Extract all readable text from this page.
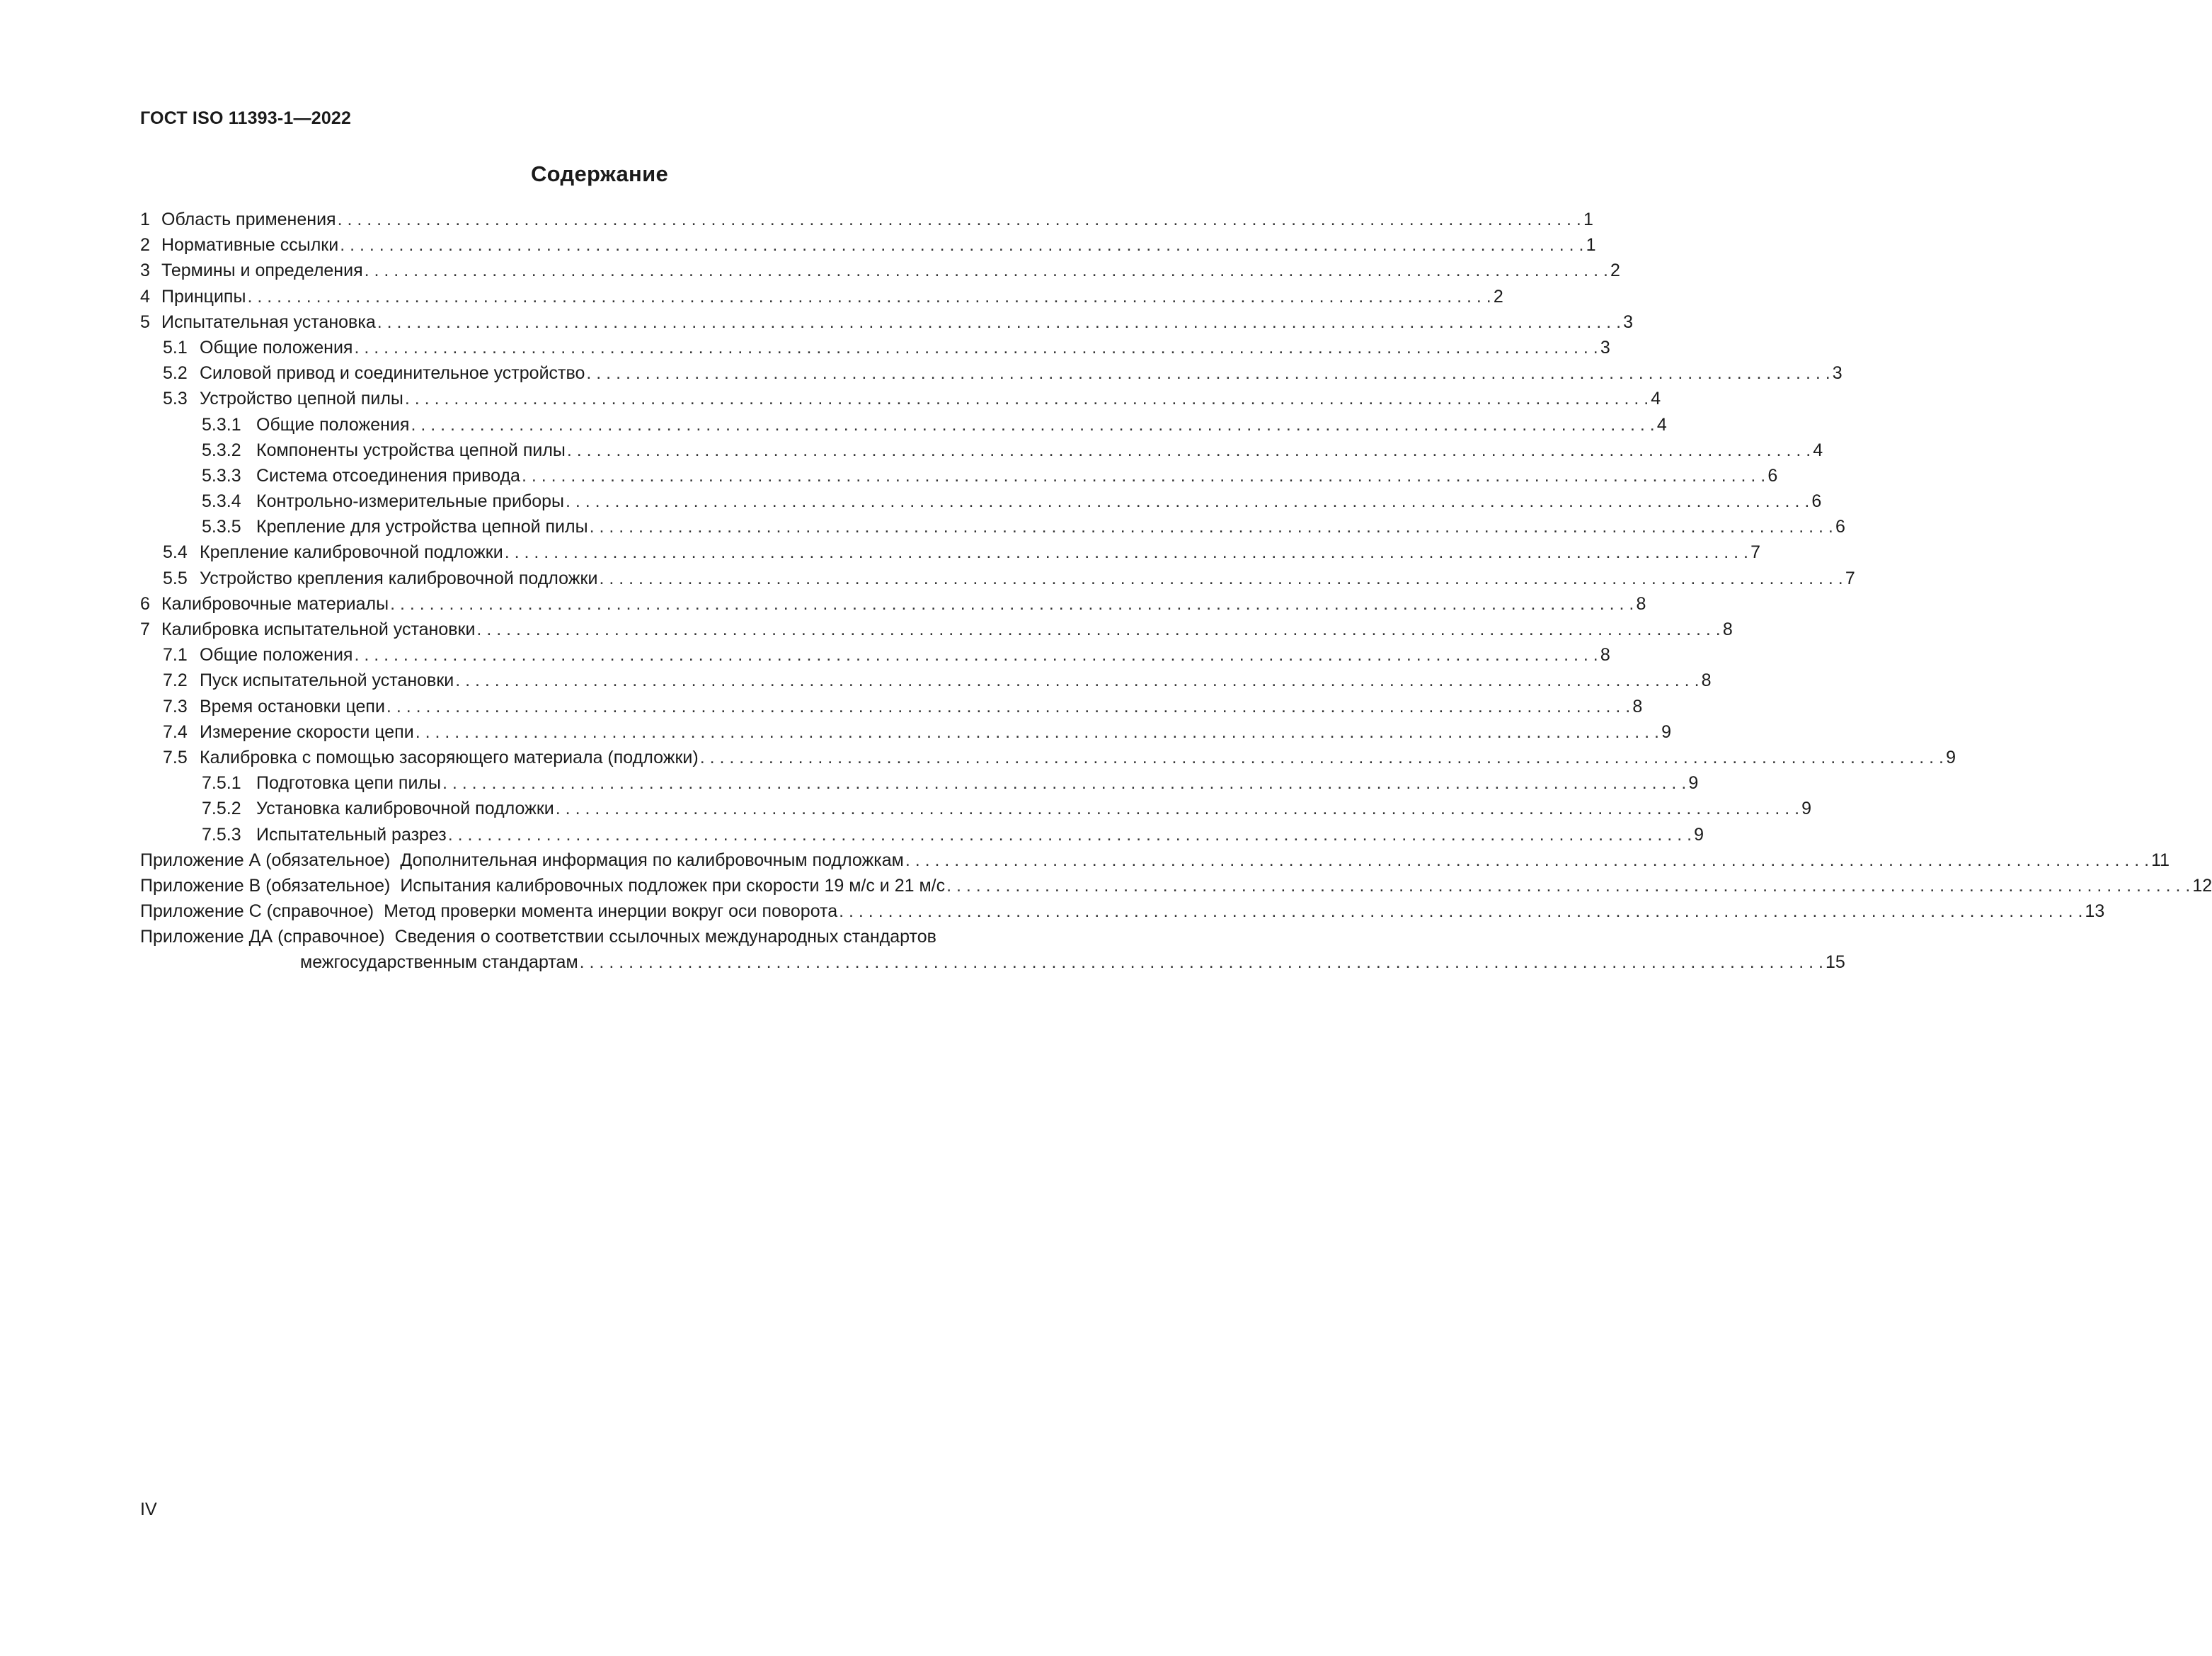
ГОСТ ISO 11393-1—2022
Содержание
1 Область применения . . .	1
2 Нормативные ссылки . . .	1
3 Термины и определения . . .	2
4 Принципы . . .	2
5 Испытательная установка . . .	3
5.1 Общие положения . . .	3
5.2 Силовой привод и соединительное устройство . . .	3
5.3 Устройство цепной пилы . . .	4
5.3.1 Общие положения . . .	4
5.3.2 Компоненты устройства цепной пилы . . .	4
5.3.3 Система отсоединения привода . . .	6
5.3.4 Контрольно-измерительные приборы . . .	6
5.3.5 Крепление для устройства цепной пилы . . .	6
5.4 Крепление калибровочной подложки . . .	7
5.5 Устройство крепления калибровочной подложки . . .	7
6 Калибровочные материалы . . .	8
7 Калибровка испытательной установки . . .	8
7.1 Общие положения . . .	8
7.2 Пуск испытательной установки . . .	8
7.3 Время остановки цепи . . .	8
7.4 Измерение скорости цепи . . .	9
7.5 Калибровка с помощью засоряющего материала (подложки) . . .	9
7.5.1 Подготовка цепи пилы . . .	9
7.5.2 Установка калибровочной подложки . . .	9
7.5.3 Испытательный разрез . . .	9
Приложение А (обязательное) Дополнительная информация по калибровочным подложкам . . .	11
Приложение В (обязательное) Испытания калибровочных подложек при скорости 19 м/с и 21 м/с . . .	12
Приложение С (справочное) Метод проверки момента инерции вокруг оси поворота . . .	13
Приложение ДА (справочное) Сведения о соответствии ссылочных международных стандартов
межгосударственным стандартам . . .	15
IV
